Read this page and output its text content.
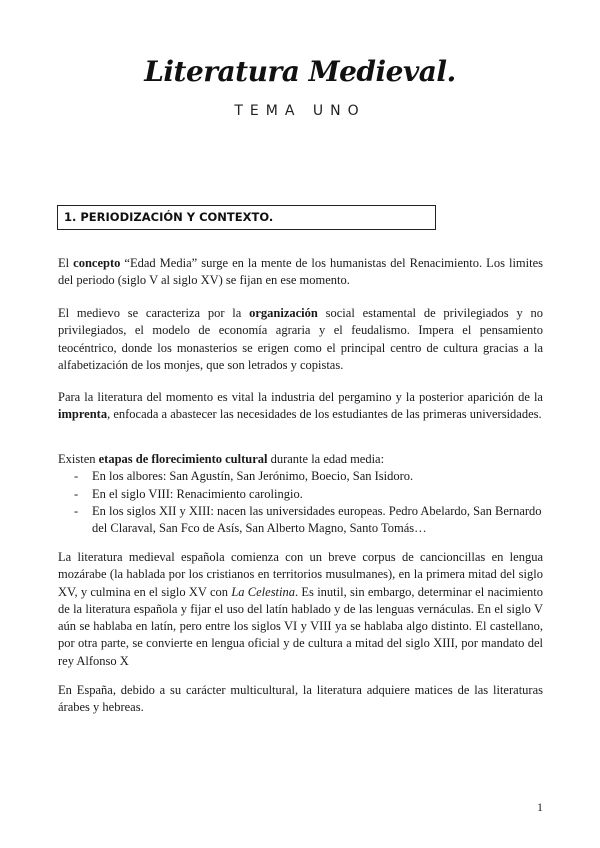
Literatura Medieval.
TEMA UNO
1. PERIODIZACIÓN Y CONTEXTO.

El concepto “Edad Media” surge en la mente de los humanistas del Renacimiento. Los limites del periodo (siglo V al siglo XV) se fijan en ese momento.

El medievo se caracteriza por la organización social estamental de privilegiados y no privilegiados, el modelo de economía agraria y el feudalismo. Impera el pensamiento teocéntrico, donde los monasterios se erigen como el principal centro de cultura gracias a la alfabetización de los monjes, que son letrados y copistas.

Para la literatura del momento es vital la industria del pergamino y la posterior aparición de la imprenta, enfocada a abastecer las necesidades de los estudiantes de las primeras universidades.

Existen etapas de florecimiento cultural durante la edad media:

- En los albores: San Agustín, San Jerónimo, Boecio, San Isidoro.
- En el siglo VIII: Renacimiento carolingio.
- En los siglos XII y XIII: nacen las universidades europeas. Pedro Abelardo, San Bernardo del Claraval, San Fco de Asís, San Alberto Magno, Santo Tomás…

La literatura medieval española comienza con un breve corpus de cancioncillas en lengua mozárabe (la hablada por los cristianos en territorios musulmanes), en la primera mitad del siglo XV, y culmina en el siglo XV con La Celestina. Es inutil, sin embargo, determinar el nacimiento de la literatura española y fijar el uso del latín hablado y de las lenguas vernáculas. En el siglo V aún se hablaba en latín, pero entre los siglos VI y VIII ya se hablaba algo distinto. El castellano, por otra parte, se convierte en lengua oficial y de cultura a mitad del siglo XIII, por mandato del rey Alfonso X

En España, debido a su carácter multicultural, la literatura adquiere matices de las literaturas árabes y hebreas.

1
